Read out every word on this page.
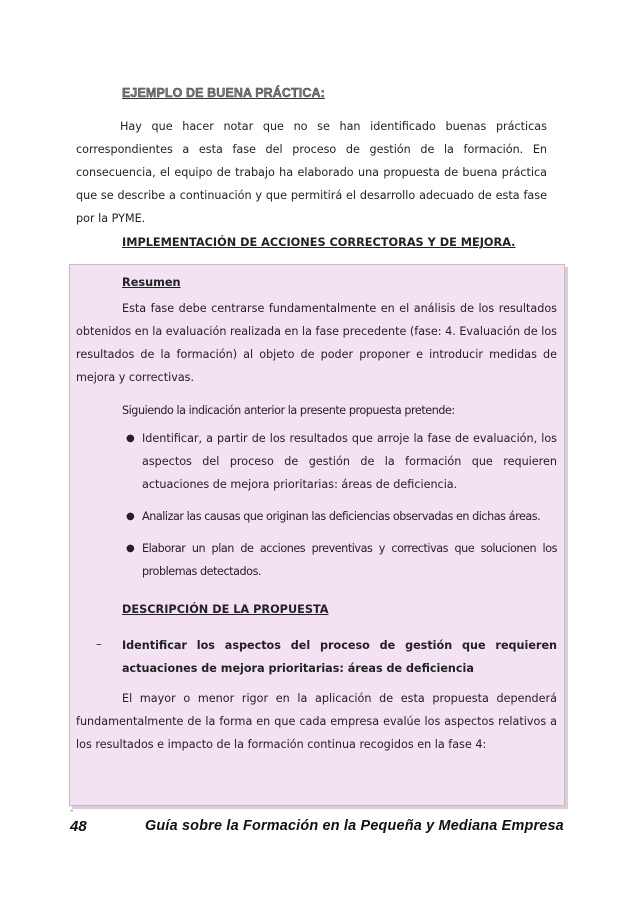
EJEMPLO DE BUENA PRÁCTICA:
Hay que hacer notar que no se han identificado buenas prácticas correspondientes a esta fase del proceso de gestión de la formación. En consecuencia, el equipo de trabajo ha elaborado una propuesta de buena práctica que se describe a continuación y que permitirá el desarrollo adecuado de esta fase por la PYME.
IMPLEMENTACIÓN DE ACCIONES CORRECTORAS Y DE MEJORA.
Resumen
Esta fase debe centrarse fundamentalmente en el análisis de los resultados obtenidos en la evaluación realizada en la fase precedente (fase: 4. Evaluación de los resultados de la formación) al objeto de poder proponer e introducir medidas de mejora y correctivas.
Siguiendo la indicación anterior la presente propuesta pretende:
● Identificar, a partir de los resultados que arroje la fase de evaluación, los aspectos del proceso de gestión de la formación que requieren actuaciones de mejora prioritarias: áreas de deficiencia.
● Analizar las causas que originan las deficiencias observadas en dichas áreas.
● Elaborar un plan de acciones preventivas y correctivas que solucionen los problemas detectados.
DESCRIPCIÓN DE LA PROPUESTA
– Identificar los aspectos del proceso de gestión que requieren actuaciones de mejora prioritarias: áreas de deficiencia
El mayor o menor rigor en la aplicación de esta propuesta dependerá fundamentalmente de la forma en que cada empresa evalúe los aspectos relativos a los resultados e impacto de la formación continua recogidos en la fase 4:
-
48	Guía sobre la Formación en la Pequeña y Mediana Empresa
